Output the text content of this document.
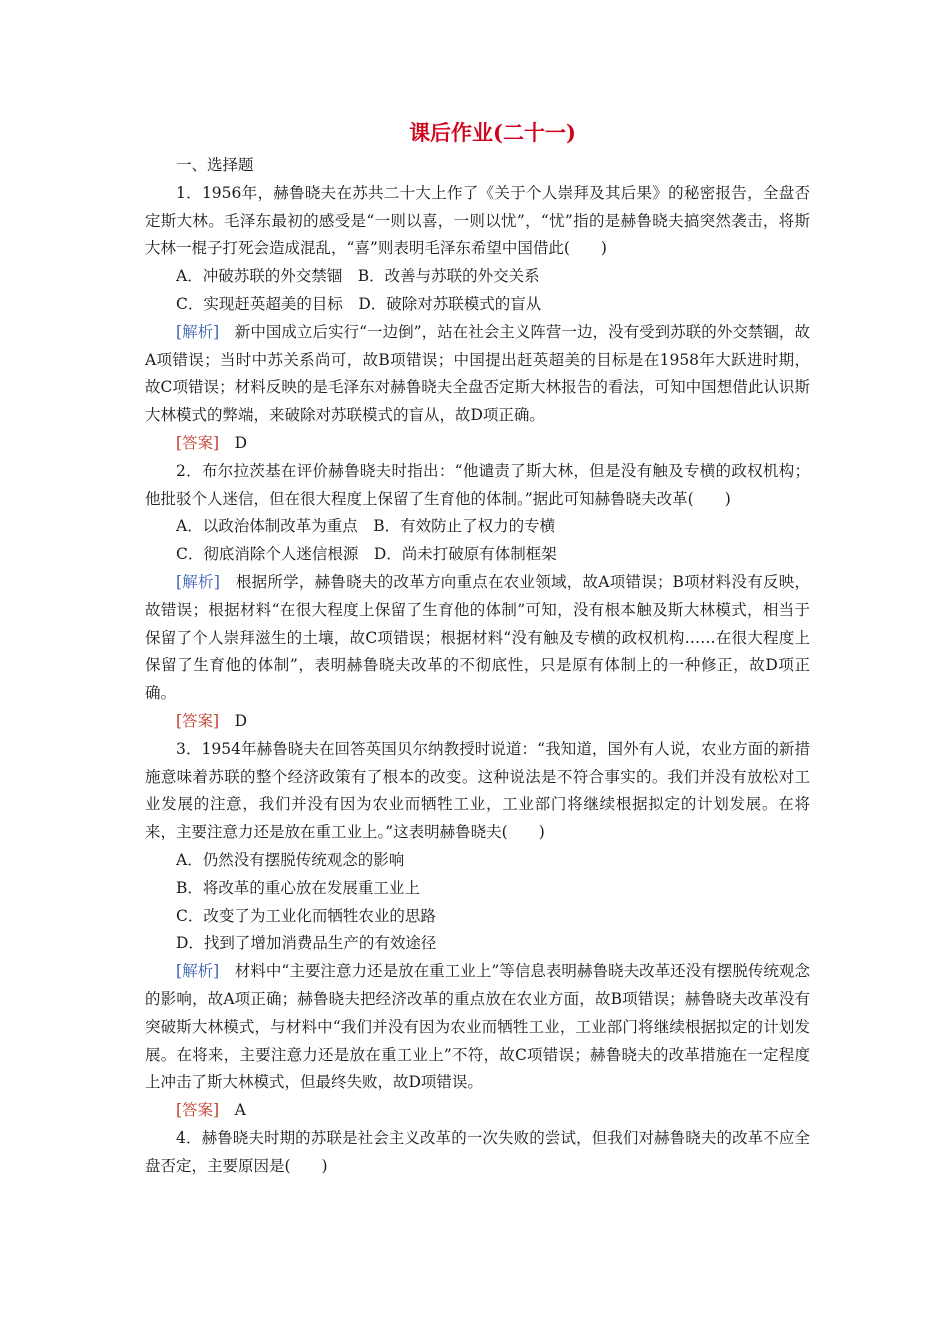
课后作业(二十一)

一、选择题

1．1956年，赫鲁晓夫在苏共二十大上作了《关于个人崇拜及其后果》的秘密报告，全盘否定斯大林。毛泽东最初的感受是“一则以喜，一则以忧”，“忧”指的是赫鲁晓夫搞突然袭击，将斯大林一棍子打死会造成混乱，“喜”则表明毛泽东希望中国借此(　　)

A．冲破苏联的外交禁锢　B．改善与苏联的外交关系

C．实现赶英超美的目标　D．破除对苏联模式的盲从

[解析]　 新中国成立后实行“一边倒”，站在社会主义阵营一边，没有受到苏联的外交禁锢，故A项错误；当时中苏关系尚可，故B项错误；中国提出赶英超美的目标是在1958年大跃进时期，故C项错误；材料反映的是毛泽东对赫鲁晓夫全盘否定斯大林报告的看法，可知中国想借此认识斯大林模式的弊端，来破除对苏联模式的盲从，故D项正确。

[答案]　 D

2．布尔拉茨基在评价赫鲁晓夫时指出：“他谴责了斯大林，但是没有触及专横的政权机构；他批驳个人迷信，但在很大程度上保留了生育他的体制。”据此可知赫鲁晓夫改革(　　)

A．以政治体制改革为重点　B．有效防止了权力的专横

C．彻底消除个人迷信根源　D．尚未打破原有体制框架

[解析]　 根据所学，赫鲁晓夫的改革方向重点在农业领域，故A项错误；B项材料没有反映，故错误；根据材料“在很大程度上保留了生育他的体制”可知，没有根本触及斯大林模式，相当于保留了个人崇拜滋生的土壤，故C项错误；根据材料“没有触及专横的政权机构……在很大程度上保留了生育他的体制”，表明赫鲁晓夫改革的不彻底性，只是原有体制上的一种修正，故D项正确。

[答案]　 D

3．1954年赫鲁晓夫在回答英国贝尔纳教授时说道：“我知道，国外有人说，农业方面的新措施意味着苏联的整个经济政策有了根本的改变。这种说法是不符合事实的。我们并没有放松对工业发展的注意，我们并没有因为农业而牺牲工业，工业部门将继续根据拟定的计划发展。在将来，主要注意力还是放在重工业上。”这表明赫鲁晓夫(　　)

A．仍然没有摆脱传统观念的影响

B．将改革的重心放在发展重工业上

C．改变了为工业化而牺牲农业的思路

D．找到了增加消费品生产的有效途径

[解析]　 材料中“主要注意力还是放在重工业上”等信息表明赫鲁晓夫改革还没有摆脱传统观念的影响，故A项正确；赫鲁晓夫把经济改革的重点放在农业方面，故B项错误；赫鲁晓夫改革没有突破斯大林模式，与材料中“我们并没有因为农业而牺牲工业，工业部门将继续根据拟定的计划发展。在将来，主要注意力还是放在重工业上”不符，故C项错误；赫鲁晓夫的改革措施在一定程度上冲击了斯大林模式，但最终失败，故D项错误。

[答案]　 A

4．赫鲁晓夫时期的苏联是社会主义改革的一次失败的尝试，但我们对赫鲁晓夫的改革不应全盘否定，主要原因是(　　)
